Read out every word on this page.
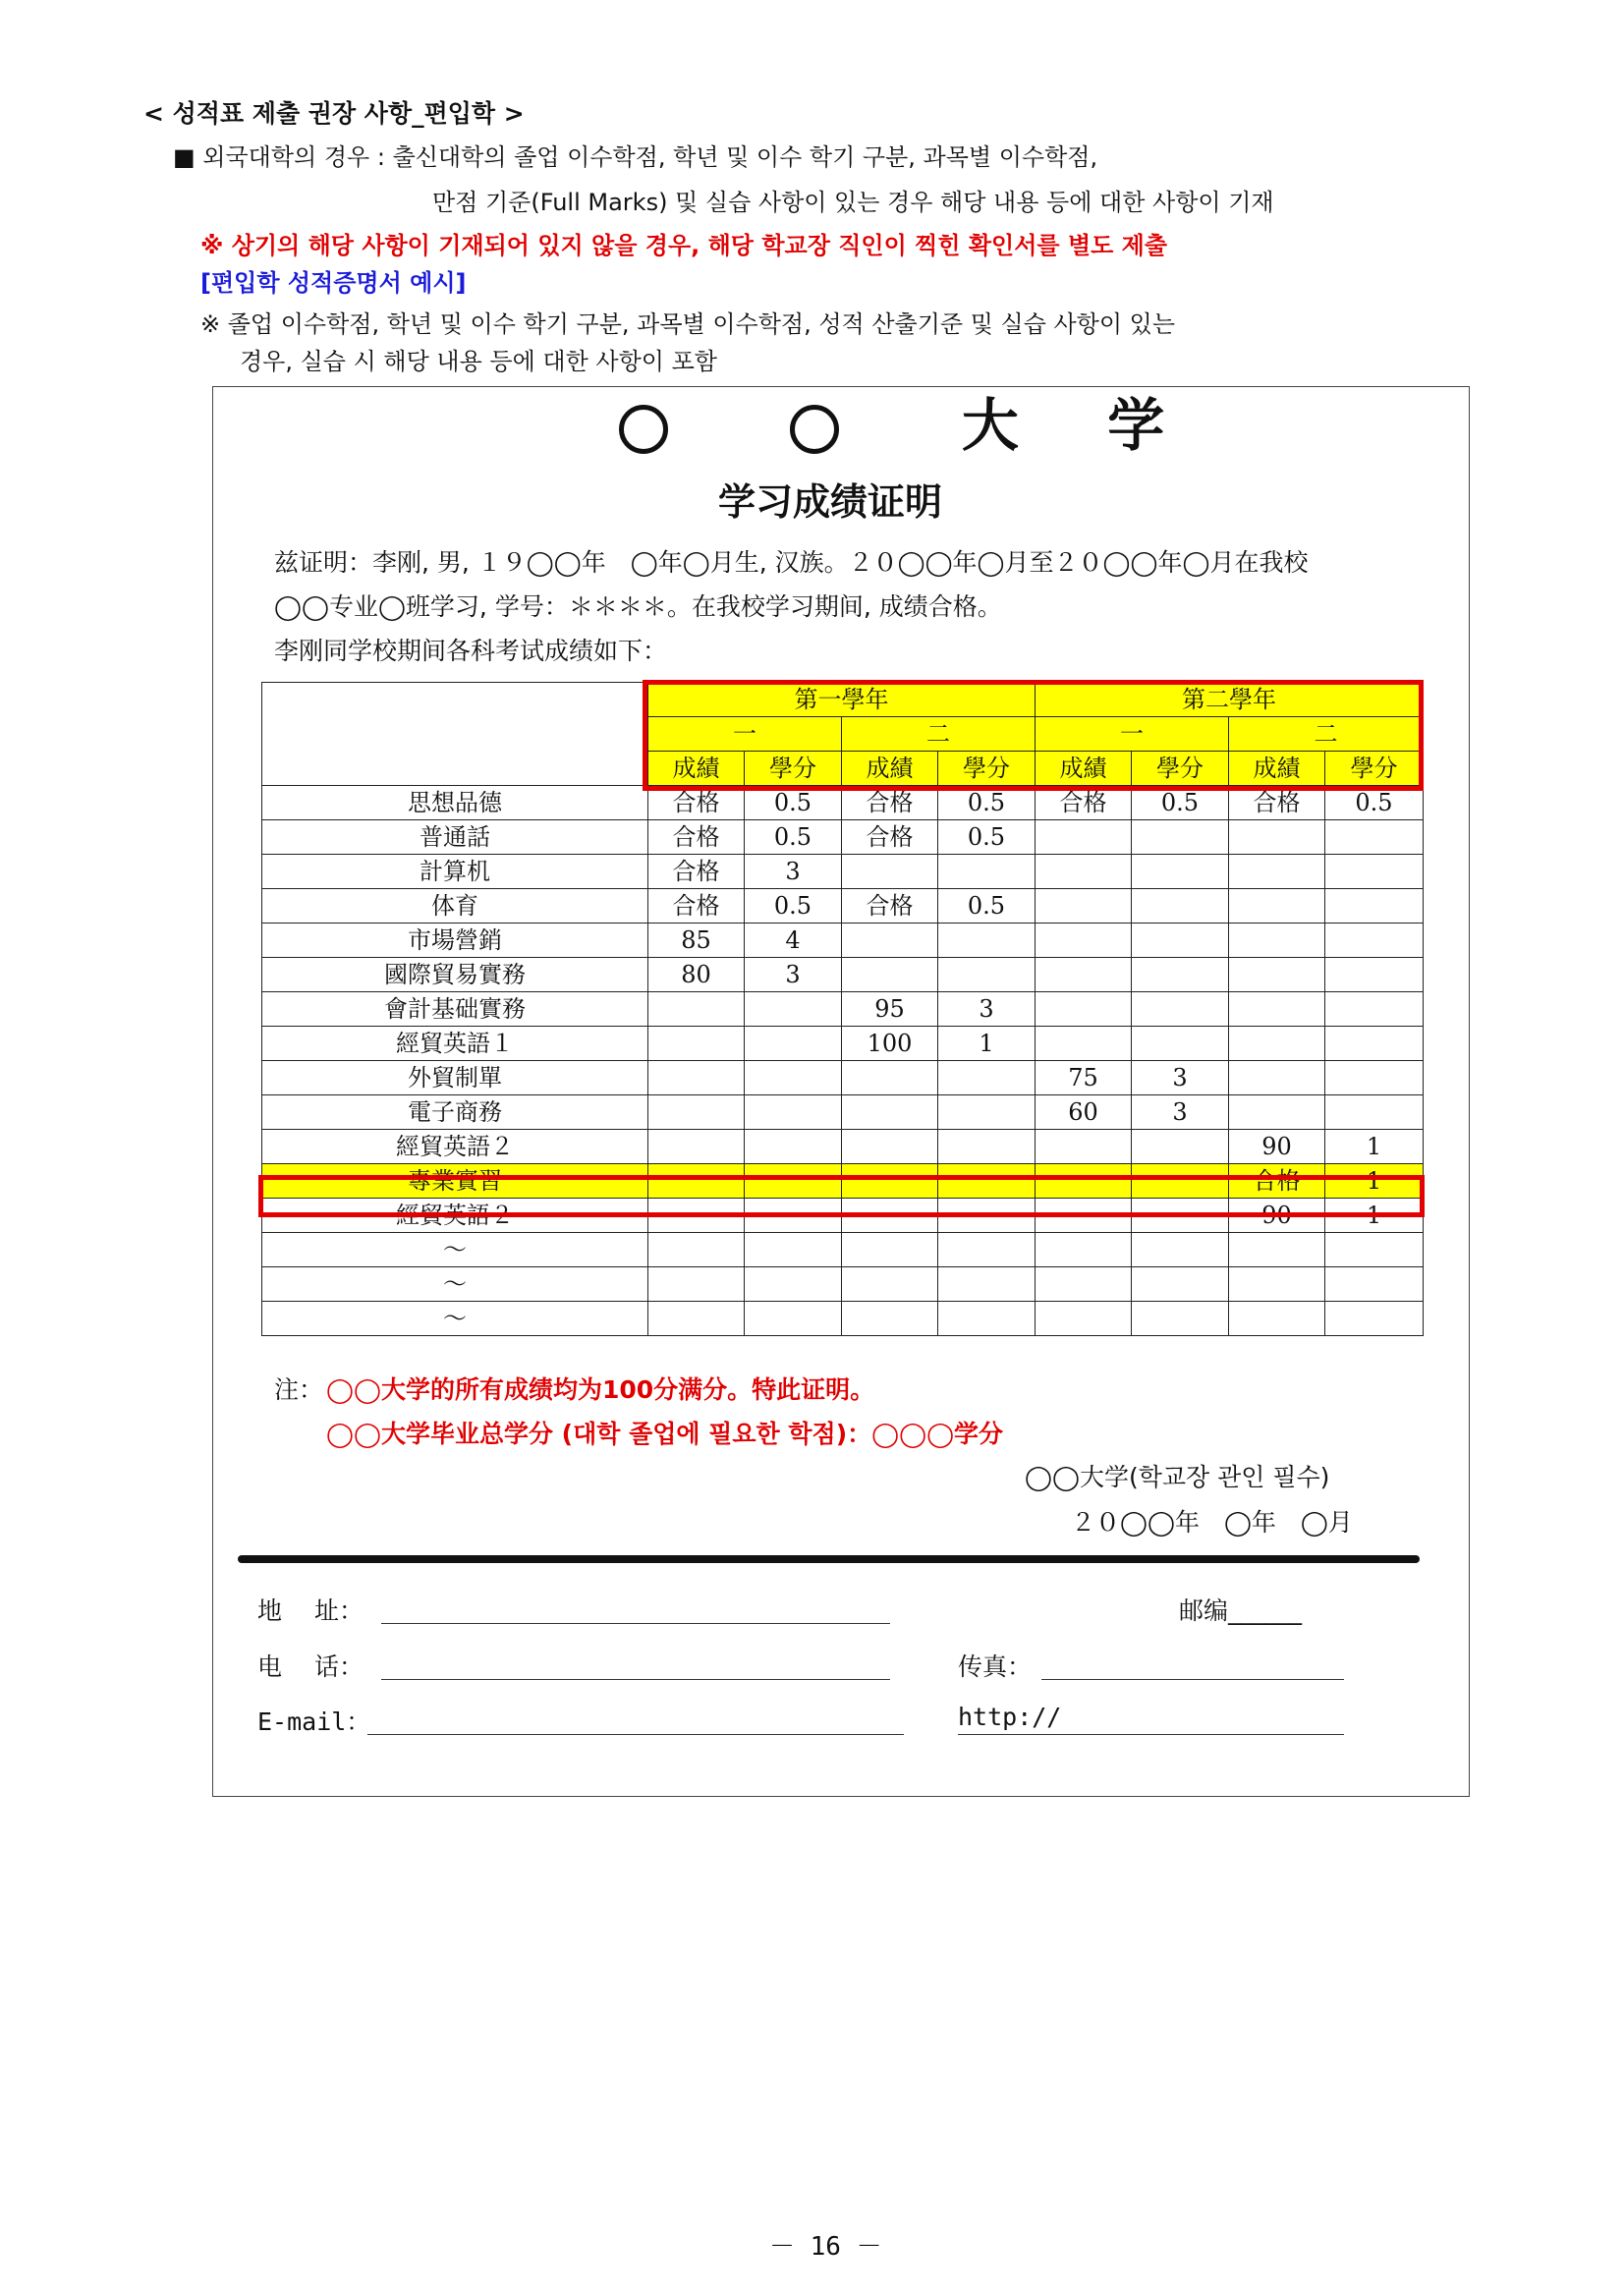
< 성적표 제출 권장 사항_편입학 >
■ 외국대학의 경우 : 출신대학의 졸업 이수학점, 학년 및 이수 학기 구분, 과목별 이수학점,
만점 기준(Full Marks) 및 실습 사항이 있는 경우 해당 내용 등에 대한 사항이 기재
※ 상기의 해당 사항이 기재되어 있지 않을 경우, 해당 학교장 직인이 찍힌 확인서를 별도 제출
[편입학 성적증명서 예시]
※ 졸업 이수학점, 학년 및 이수 학기 구분, 과목별 이수학점, 성적 산출기준 및 실습 사항이 있는
경우, 실습 시 해당 내용 등에 대한 사항이 포함
大 学
学习成绩证明
兹证明：李刚, 男, １９◯◯年　◯年◯月生, 汉族。２０◯◯年◯月至２０◯◯年◯月在我校
◯◯专业◯班学习, 学号：＊＊＊＊。在我校学习期间, 成绩合格。
李刚同学校期间各科考试成绩如下：
	第一學年				第二學年			
	一		二		一		二	
	成績	學分	成績	學分	成績	學分	成績	學分
思想品德	合格	0.5	合格	0.5	合格	0.5	合格	0.5
普通話	合格	0.5	合格	0.5				
計算机	合格	3						
体育	合格	0.5	合格	0.5				
市場營銷	85	4						
國際貿易實務	80	3						
會計基础實務			95	3				
經貿英語１			100	1				
外貿制單					75	3		
電子商務					60	3		
經貿英語２							90	1
專業實習							合格	1
經貿英語２							90	1
～								
～								
～								
注： ◯◯大学的所有成绩均为100分满分。特此证明。
◯◯大学毕业总学分 (대학 졸업에 필요한 학점)：◯◯◯学分
◯◯大学(학교장 관인 필수)
２０◯◯年　◯年　◯月
地　 址：	邮编______
电　 话：	传真：
E-mail：	http://
－ 16 －
